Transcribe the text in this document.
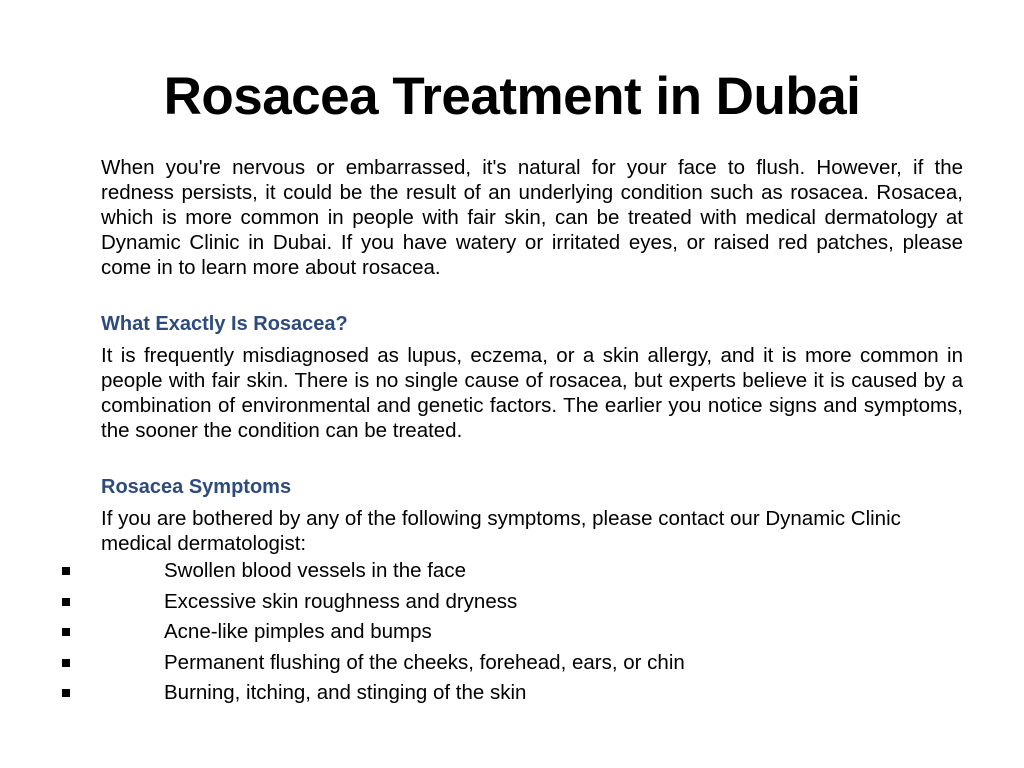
Rosacea Treatment in Dubai

When you're nervous or embarrassed, it's natural for your face to flush. However, if the redness persists, it could be the result of an underlying condition such as rosacea. Rosacea, which is more common in people with fair skin, can be treated with medical dermatology at Dynamic Clinic in Dubai. If you have watery or irritated eyes, or raised red patches, please come in to learn more about rosacea.

What Exactly Is Rosacea?

It is frequently misdiagnosed as lupus, eczema, or a skin allergy, and it is more common in people with fair skin. There is no single cause of rosacea, but experts believe it is caused by a combination of environmental and genetic factors. The earlier you notice signs and symptoms, the sooner the condition can be treated.

Rosacea Symptoms

If you are bothered by any of the following symptoms, please contact our Dynamic Clinic medical dermatologist:

Swollen blood vessels in the face
Excessive skin roughness and dryness
Acne-like pimples and bumps
Permanent flushing of the cheeks, forehead, ears, or chin
Burning, itching, and stinging of the skin
